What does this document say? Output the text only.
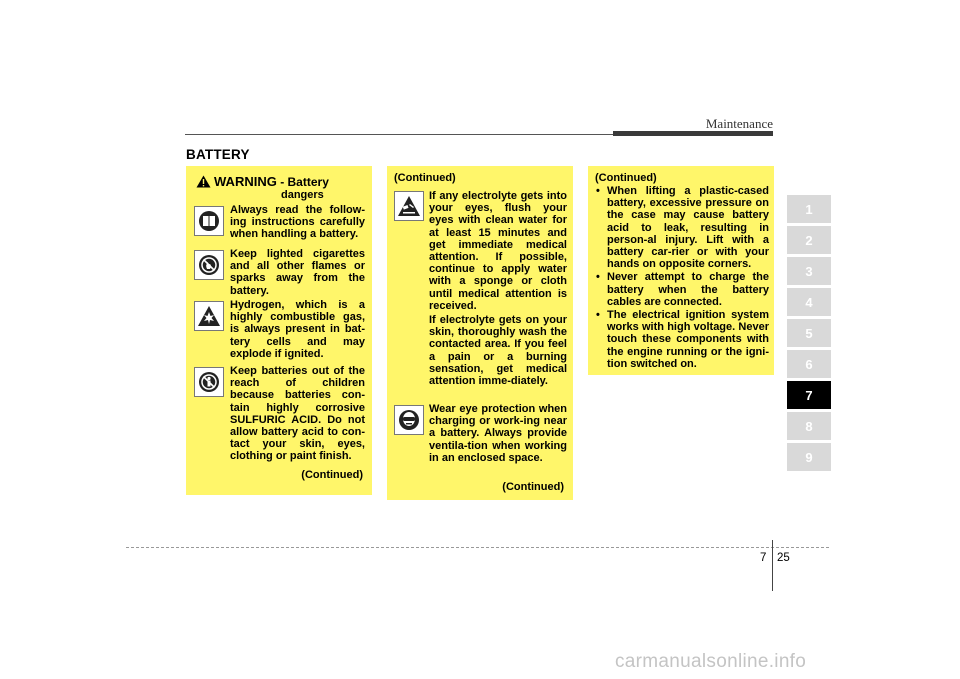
Maintenance
BATTERY
WARNING - Battery
dangers
Always read the follow-ing instructions carefully when handling a battery.
Keep lighted cigarettes and all other flames or sparks away from the battery.
Hydrogen, which is a highly combustible gas, is always present in bat-tery cells and may explode if ignited.
Keep batteries out of the reach of children because batteries con-tain highly corrosive SULFURIC ACID. Do not allow battery acid to con-tact your skin, eyes, clothing or paint finish.
(Continued)
(Continued)
If any electrolyte gets into your eyes, flush your eyes with clean water for at least 15 minutes and get immediate medical attention. If possible, continue to apply water with a sponge or cloth until medical attention is received.
If electrolyte gets on your skin, thoroughly wash the contacted area. If you feel a pain or a burning sensation, get medical attention imme-diately.
Wear eye protection when charging or work-ing near a battery. Always provide ventila-tion when working in an enclosed space.
(Continued)
(Continued)
• When lifting a plastic-cased battery, excessive pressure on the case may cause battery acid to leak, resulting in person-al injury. Lift with a battery car-rier or with your hands on opposite corners.
• Never attempt to charge the battery when the battery cables are connected.
• The electrical ignition system works with high voltage. Never touch these components with the engine running or the igni-tion switched on.
1
2
3
4
5
6
7
8
9
7 25
carmanualsonline.info
